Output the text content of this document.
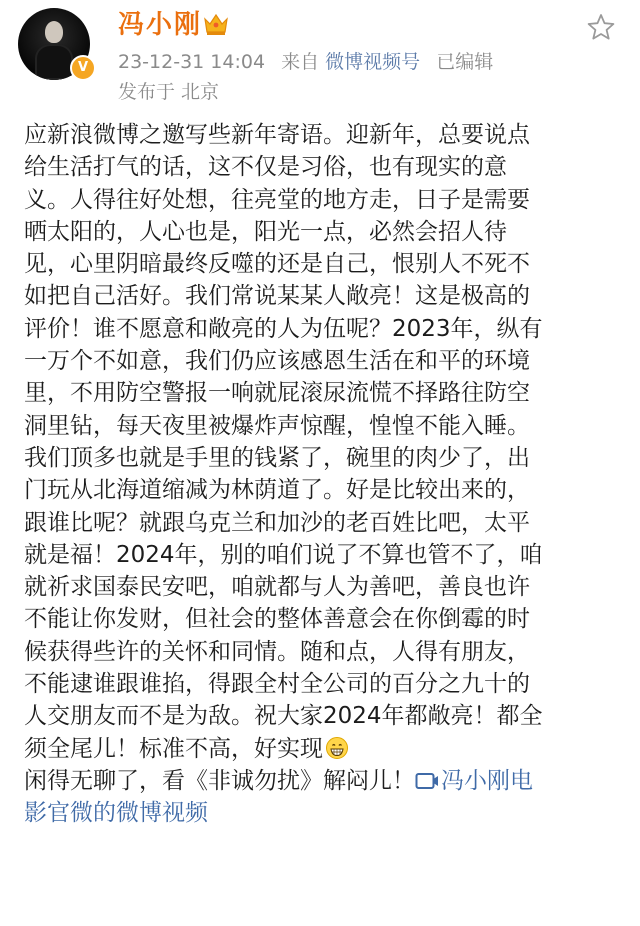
V
冯小刚
23-12-31 14:04 来自 微博视频号 已编辑
发布于 北京
应新浪微博之邀写些新年寄语。迎新年，总要说点
给生活打气的话，这不仅是习俗，也有现实的意
义。人得往好处想，往亮堂的地方走，日子是需要
晒太阳的，人心也是，阳光一点，必然会招人待
见，心里阴暗最终反噬的还是自己，恨别人不死不
如把自己活好。我们常说某某人敞亮！这是极高的
评价！谁不愿意和敞亮的人为伍呢？2023年，纵有
一万个不如意，我们仍应该感恩生活在和平的环境
里，不用防空警报一响就屁滚尿流慌不择路往防空
洞里钻，每天夜里被爆炸声惊醒，惶惶不能入睡。
我们顶多也就是手里的钱紧了，碗里的肉少了，出
门玩从北海道缩减为林荫道了。好是比较出来的，
跟谁比呢？就跟乌克兰和加沙的老百姓比吧，太平
就是福！2024年，别的咱们说了不算也管不了，咱
就祈求国泰民安吧，咱就都与人为善吧，善良也许
不能让你发财，但社会的整体善意会在你倒霉的时
候获得些许的关怀和同情。随和点，人得有朋友，
不能逮谁跟谁掐，得跟全村全公司的百分之九十的
人交朋友而不是为敌。祝大家2024年都敞亮！都全
须全尾儿！标准不高，好实现
闲得无聊了，看《非诚勿扰》解闷儿！ 冯小刚电
影官微的微博视频
